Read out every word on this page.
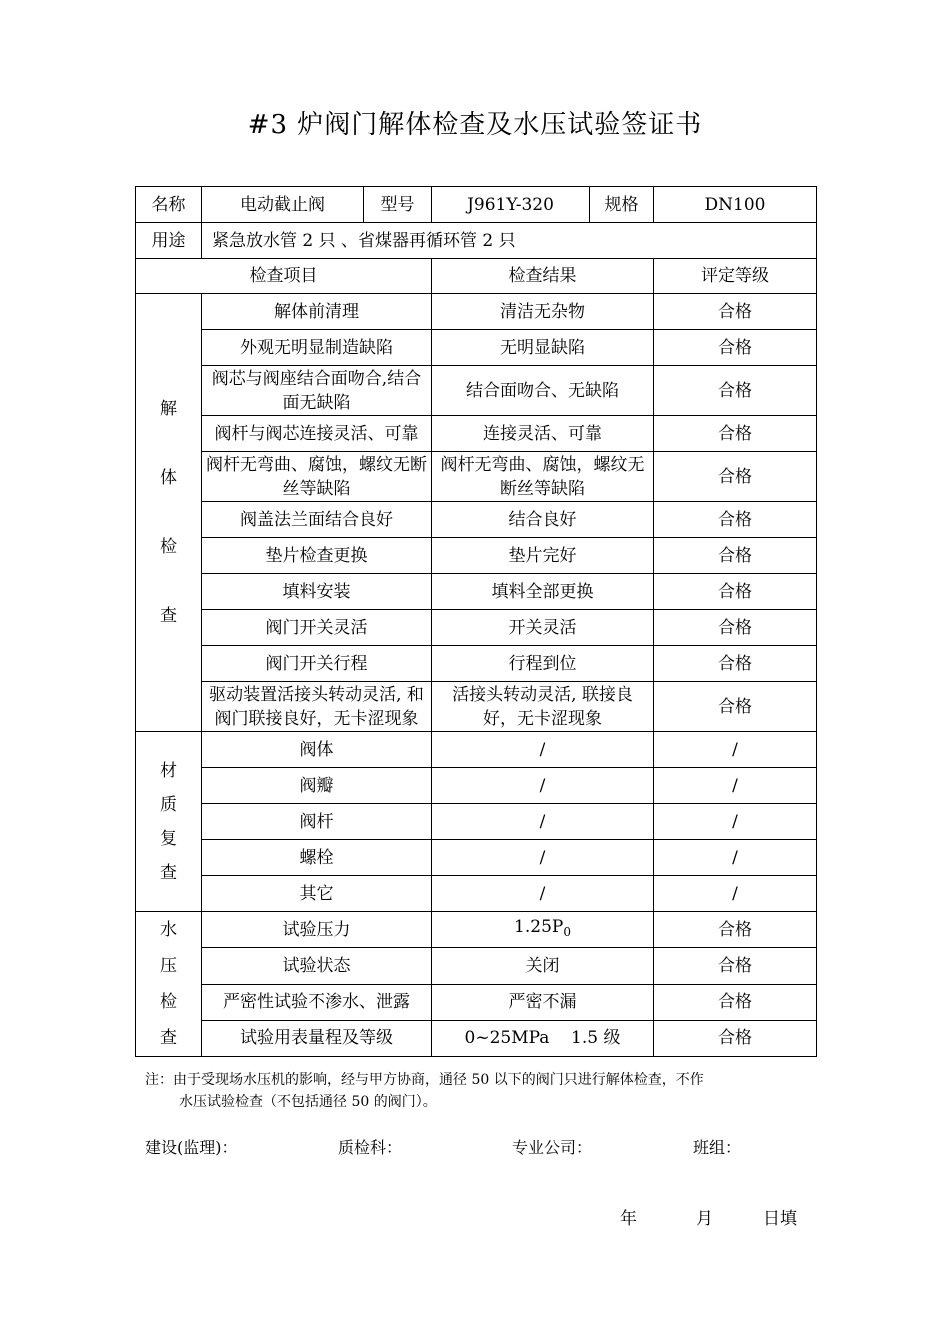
#3 炉阀门解体检查及水压试验签证书
名称	电动截止阀	型号	J961Y-320	规格	DN100
用途	紧急放水管 2 只 、省煤器再循环管 2 只				
检查项目			检查结果		评定等级

解
体
检
查	解体前清理		清洁无杂物		合格
	外观无明显制造缺陷		无明显缺陷		合格
	阀芯与阀座结合面吻合,结合面无缺陷		结合面吻合、无缺陷		合格
	阀杆与阀芯连接灵活、可靠		连接灵活、可靠		合格
	阀杆无弯曲、腐蚀，螺纹无断丝等缺陷		阀杆无弯曲、腐蚀，螺纹无断丝等缺陷		合格
	阀盖法兰面结合良好		结合良好		合格
	垫片检查更换		垫片完好		合格
	填料安装		填料全部更换		合格
	阀门开关灵活		开关灵活		合格
	阀门开关行程		行程到位		合格
	驱动装置活接头转动灵活, 和阀门联接良好，无卡涩现象		活接头转动灵活, 联接良好，无卡涩现象		合格

材
质
复
查	阀体		/		/
	阀瓣		/		/
	阀杆		/		/
	螺栓		/		/
	其它		/		/

水
压
检
查	试验压力		$1.25P_0$		合格
	试验状态		关闭		合格
	严密性试验不渗水、泄露		严密不漏		合格
	试验用表量程及等级		0~25MPa    1.5 级		合格
注：由于受现场水压机的影响，经与甲方协商，通径 50 以下的阀门只进行解体检查，不作
水压试验检查（不包括通径 50 的阀门）。
建设(监理)：	质检科：	专业公司：	班组：
年	月	日填
